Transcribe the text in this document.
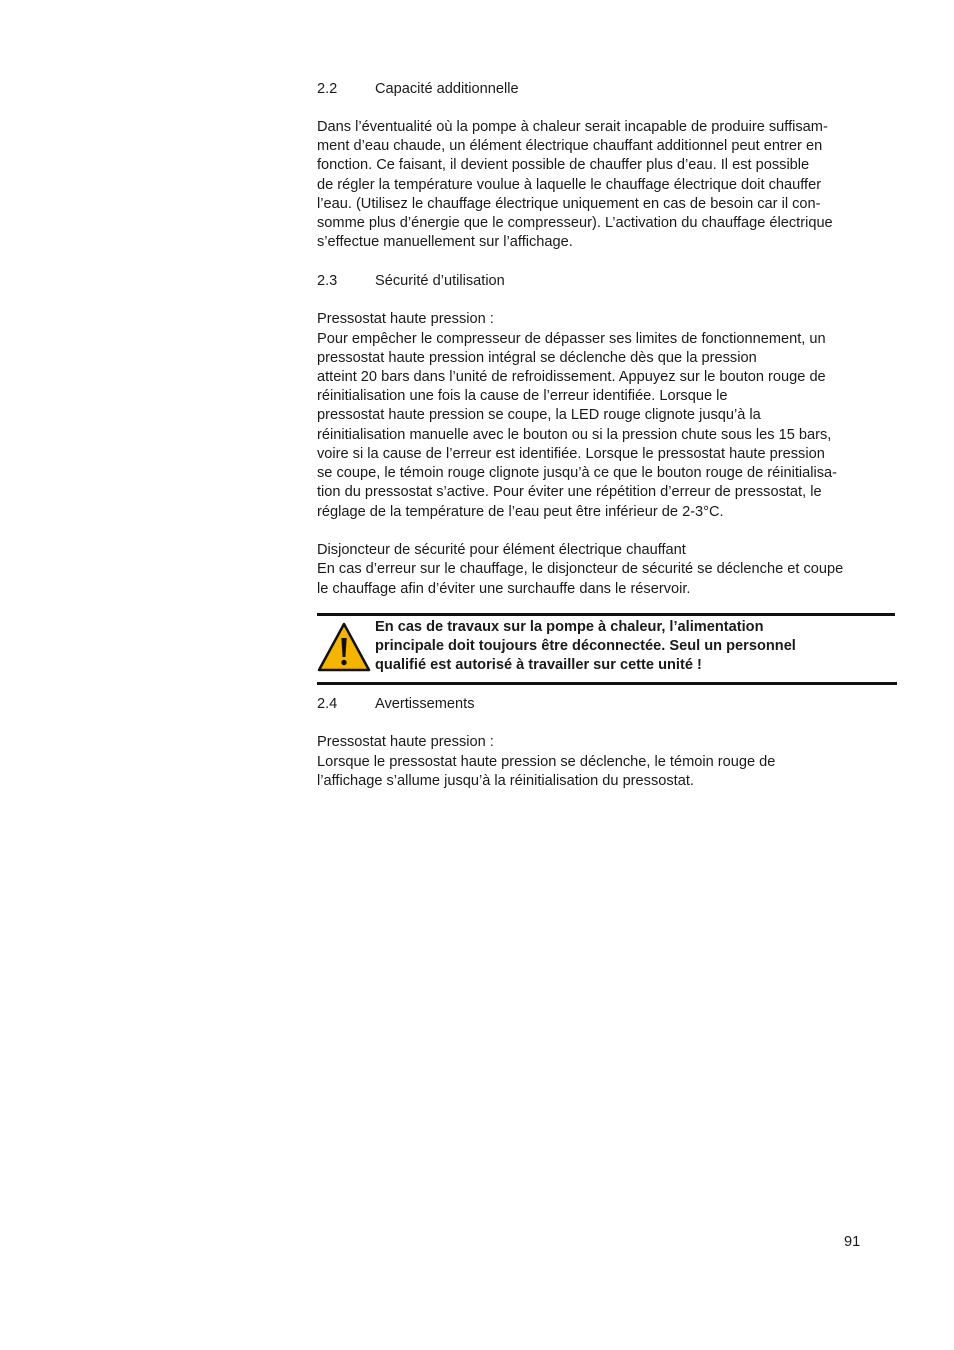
2.2	Capacité additionnelle
Dans l’éventualité où la pompe à chaleur serait incapable de produire suffisam-
ment d’eau chaude, un élément électrique chauffant additionnel peut entrer en
fonction. Ce faisant, il devient possible de chauffer plus d’eau. Il est possible
de régler la température voulue à laquelle le chauffage électrique doit chauffer
l’eau. (Utilisez le chauffage électrique uniquement en cas de besoin car il con-
somme plus d’énergie que le compresseur). L’activation du chauffage électrique
s’effectue manuellement sur l’affichage.
2.3	Sécurité d’utilisation
Pressostat haute pression :
Pour empêcher le compresseur de dépasser ses limites de fonctionnement, un
pressostat haute pression intégral se déclenche dès que la pression
atteint 20 bars dans l’unité de refroidissement. Appuyez sur le bouton rouge de
réinitialisation une fois la cause de l’erreur identifiée. Lorsque le
pressostat haute pression se coupe, la LED rouge clignote jusqu’à la
réinitialisation manuelle avec le bouton ou si la pression chute sous les 15 bars,
voire si la cause de l’erreur est identifiée. Lorsque le pressostat haute pression
se coupe, le témoin rouge clignote jusqu’à ce que le bouton rouge de réinitialisa-
tion du pressostat s’active. Pour éviter une répétition d’erreur de pressostat, le
réglage de la température de l’eau peut être inférieur de 2-3°C.
Disjoncteur de sécurité pour élément électrique chauffant
En cas d’erreur sur le chauffage, le disjoncteur de sécurité se déclenche et coupe
le chauffage afin d’éviter une surchauffe dans le réservoir.
En cas de travaux sur la pompe à chaleur, l’alimentation
principale doit toujours être déconnectée. Seul un personnel
qualifié est autorisé à travailler sur cette unité !
2.4	Avertissements
Pressostat haute pression :
Lorsque le pressostat haute pression se déclenche, le témoin rouge de
l’affichage s’allume jusqu’à la réinitialisation du pressostat.
91
